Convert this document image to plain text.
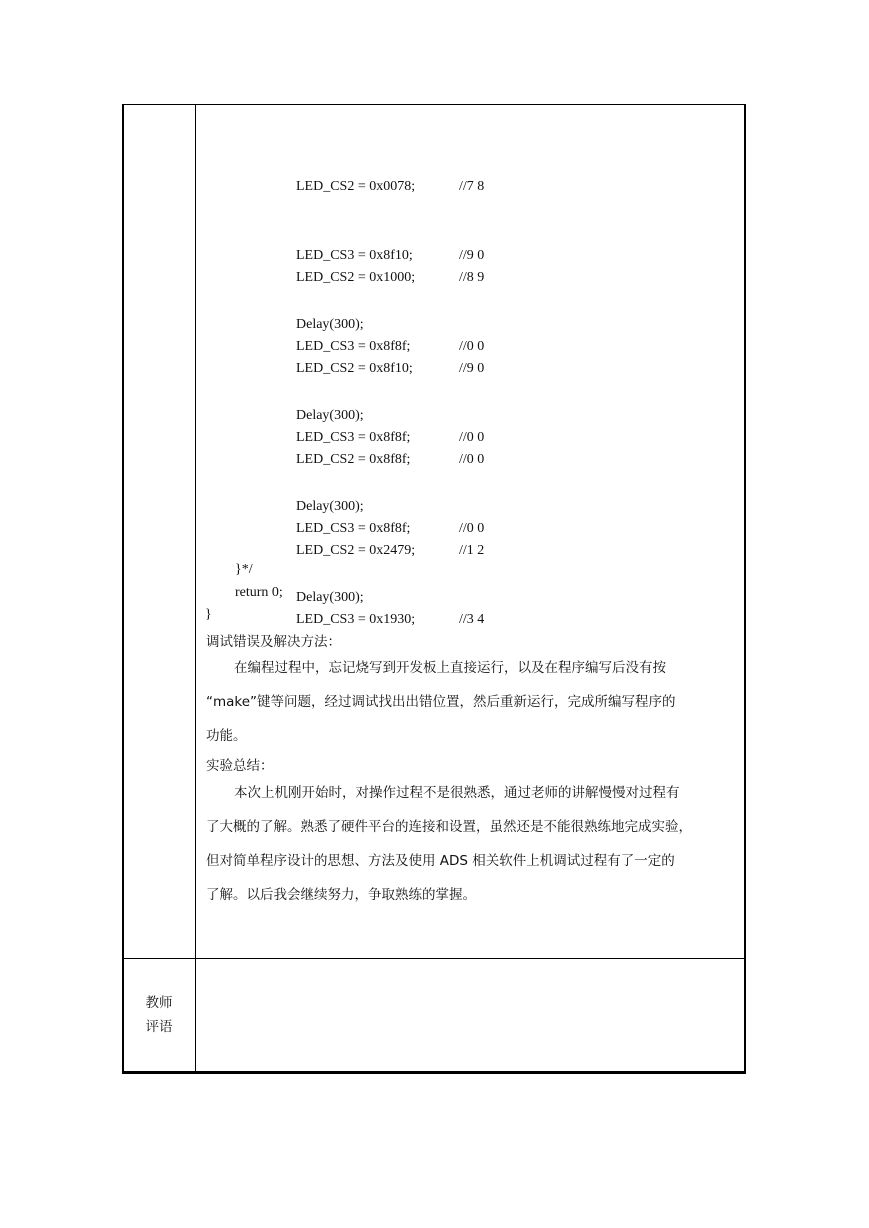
LED_CS2 = 0x0078;	//7 8

LED_CS3 = 0x8f10;	//9 0

Delay(300);

LED_CS2 = 0x1000;	//8 9

LED_CS3 = 0x8f8f;	//0 0

Delay(300);

LED_CS2 = 0x8f10;	//9 0

LED_CS3 = 0x8f8f;	//0 0

Delay(300);

LED_CS2 = 0x8f8f;	//0 0

LED_CS3 = 0x8f8f;	//0 0

Delay(300);

LED_CS2 = 0x2479;	//1 2

LED_CS3 = 0x1930;	//3 4

}*/
return 0;
}
调试错误及解决方法：
在编程过程中，忘记烧写到开发板上直接运行，以及在程序编写后没有按
“make”键等问题，经过调试找出出错位置，然后重新运行，完成所编写程序的
功能。
实验总结：
本次上机刚开始时，对操作过程不是很熟悉，通过老师的讲解慢慢对过程有
了大概的了解。熟悉了硬件平台的连接和设置，虽然还是不能很熟练地完成实验，
但对简单程序设计的思想、方法及使用 ADS 相关软件上机调试过程有了一定的
了解。以后我会继续努力，争取熟练的掌握。
教师
评语
